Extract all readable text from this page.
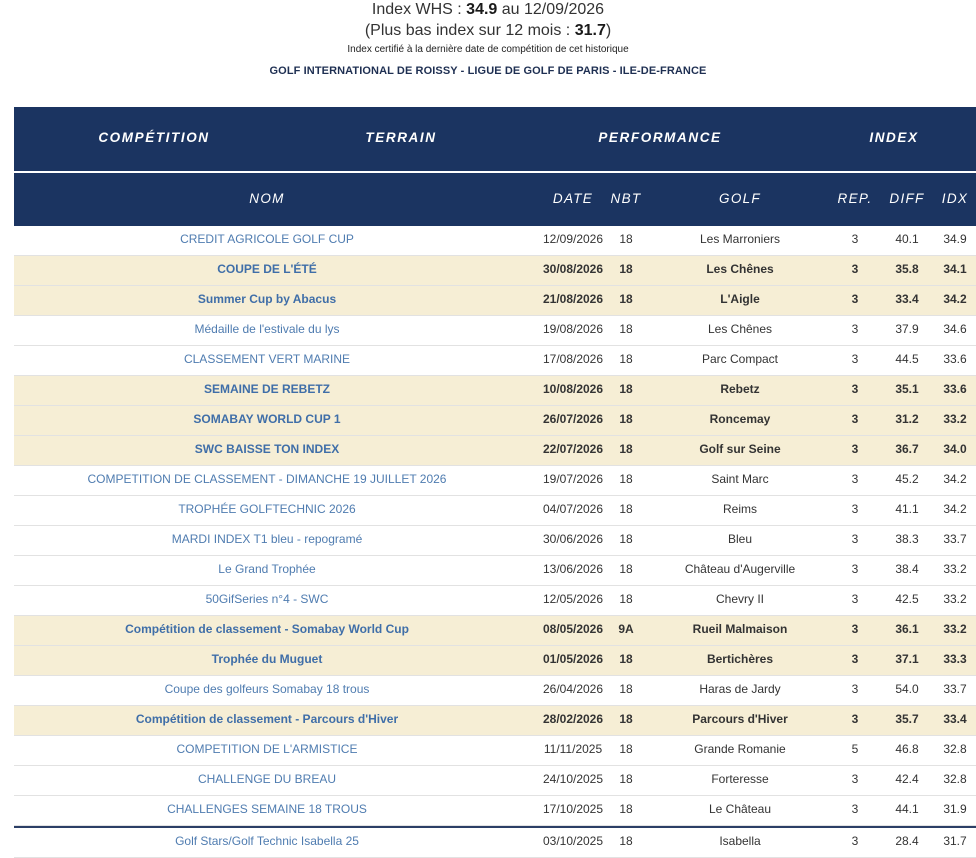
Index WHS : 34.9 au 12/09/2026
(Plus bas index sur 12 mois : 31.7)
Index certifié à la dernière date de compétition de cet historique
GOLF INTERNATIONAL DE ROISSY - LIGUE DE GOLF DE PARIS - ILE-DE-FRANCE
COMPÉTITION	TERRAIN	PERFORMANCE	INDEX
NOM	DATE	NBT	GOLF	REP.	DIFF	IDX
CREDIT AGRICOLE GOLF CUP	12/09/2026	18	Les Marroniers	3	40.1	34.9
COUPE DE L'ÉTÉ	30/08/2026	18	Les Chênes	3	35.8	34.1
Summer Cup by Abacus	21/08/2026	18	L'Aigle	3	33.4	34.2
Médaille de l'estivale du lys	19/08/2026	18	Les Chênes	3	37.9	34.6
CLASSEMENT VERT MARINE	17/08/2026	18	Parc Compact	3	44.5	33.6
SEMAINE DE REBETZ	10/08/2026	18	Rebetz	3	35.1	33.6
SOMABAY WORLD CUP 1	26/07/2026	18	Roncemay	3	31.2	33.2
SWC BAISSE TON INDEX	22/07/2026	18	Golf sur Seine	3	36.7	34.0
COMPETITION DE CLASSEMENT - DIMANCHE 19 JUILLET 2026	19/07/2026	18	Saint Marc	3	45.2	34.2
TROPHÉE GOLFTECHNIC 2026	04/07/2026	18	Reims	3	41.1	34.2
MARDI INDEX T1 bleu - repogramé	30/06/2026	18	Bleu	3	38.3	33.7
Le Grand Trophée	13/06/2026	18	Château d'Augerville	3	38.4	33.2
50GifSeries n°4 - SWC	12/05/2026	18	Chevry II	3	42.5	33.2
Compétition de classement - Somabay World Cup	08/05/2026	9A	Rueil Malmaison	3	36.1	33.2
Trophée du Muguet	01/05/2026	18	Bertichères	3	37.1	33.3
Coupe des golfeurs Somabay 18 trous	26/04/2026	18	Haras de Jardy	3	54.0	33.7
Compétition de classement - Parcours d'Hiver	28/02/2026	18	Parcours d'Hiver	3	35.7	33.4
COMPETITION DE L'ARMISTICE	11/11/2025	18	Grande Romanie	5	46.8	32.8
CHALLENGE DU BREAU	24/10/2025	18	Forteresse	3	42.4	32.8
CHALLENGES SEMAINE 18 TROUS	17/10/2025	18	Le Château	3	44.1	31.9
Golf Stars/Golf Technic Isabella 25	03/10/2025	18	Isabella	3	28.4	31.7
